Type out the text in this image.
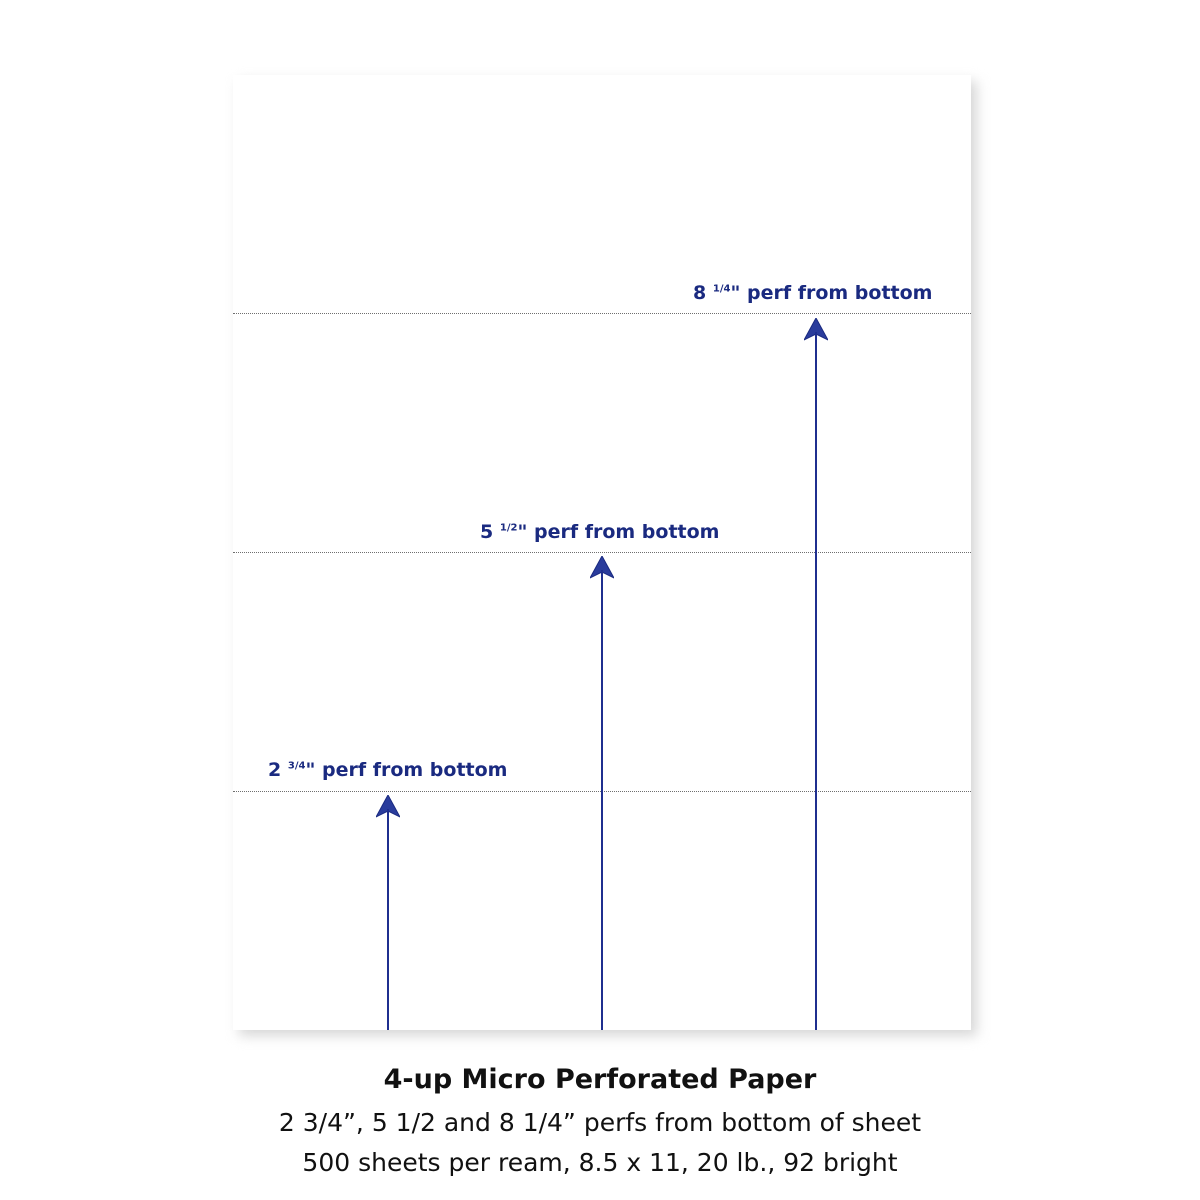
2 $^{3/4}$" perf from bottom
5 $^{1/2}$" perf from bottom
8 $^{1/4}$" perf from bottom
4-up Micro Perforated Paper
2 3/4”, 5 1/2 and 8 1/4” perfs from bottom of sheet
500 sheets per ream, 8.5 x 11, 20 lb., 92 bright
